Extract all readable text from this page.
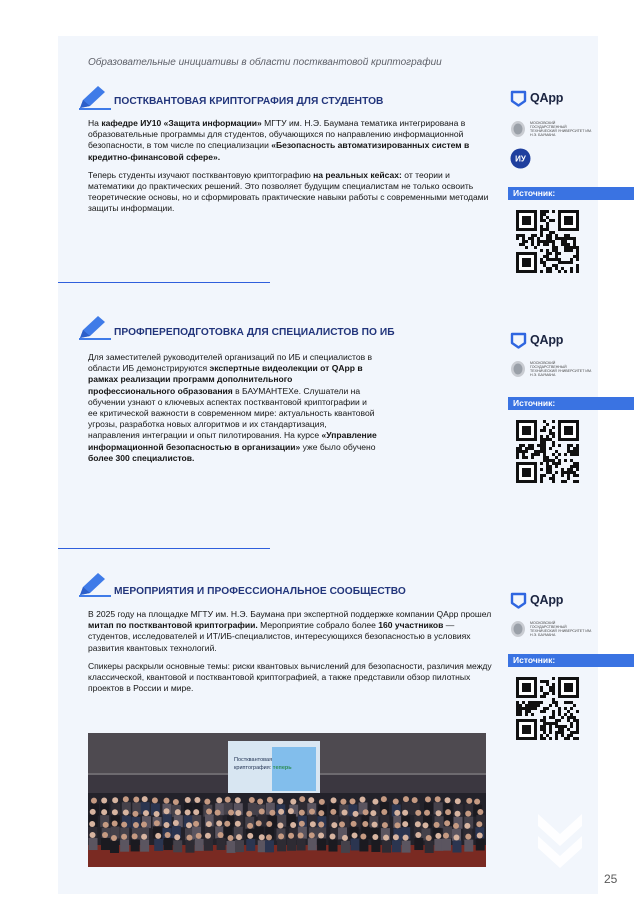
Образовательные инициативы в области постквантовой криптографии
ПОСТКВАНТОВАЯ КРИПТОГРАФИЯ ДЛЯ СТУДЕНТОВ

На кафедре ИУ10 «Защита информации» МГТУ им. Н.Э. Баумана тематика интегрирована в образовательные программы для студентов, обучающихся по направлению информационной безопасности, в том числе по специализации «Безопасность автоматизированных систем в кредитно-финансовой сфере».

Теперь студенты изучают постквантовую криптографию на реальных кейсах: от теории и математики до практических решений. Это позволяет будущим специалистам не только освоить теоретические основы, но и сформировать практические навыки работы с современными методами защиты информации.

QApp
МОСКОВСКИЙ ГОСУДАРСТВЕННЫЙ ТЕХНИЧЕСКИЙ УНИВЕРСИТЕТ ИМ. Н.Э. БАУМАНА
ИУ
Источник:
ПРОФПЕРЕПОДГОТОВКА ДЛЯ СПЕЦИАЛИСТОВ ПО ИБ

Для заместителей руководителей организаций по ИБ и специалистов в области ИБ демонстрируются экспертные видеолекции от QApp в рамках реализации программ дополнительного профессионального образования в БАУМАНТЕХе. Слушатели на обучении узнают о ключевых аспектах постквантовой криптографии и ее критической важности в современном мире: актуальность квантовой угрозы, разработка новых алгоритмов и их стандартизация, направления интеграции и опыт пилотирования. На курсе «Управление информационной безопасностью в организации» уже было обучено более 300 специалистов.

QApp
МОСКОВСКИЙ ГОСУДАРСТВЕННЫЙ ТЕХНИЧЕСКИЙ УНИВЕРСИТЕТ ИМ. Н.Э. БАУМАНА
Источник:
МЕРОПРИЯТИЯ И ПРОФЕССИОНАЛЬНОЕ СООБЩЕСТВО

В 2025 году на площадке МГТУ им. Н.Э. Баумана при экспертной поддержке компании QApp прошел митап по постквантовой криптографии. Мероприятие собрало более 160 участников — студентов, исследователей и ИТ/ИБ-специалистов, интересующихся безопасностью в условиях развития квантовых технологий.

Спикеры раскрыли основные темы: риски квантовых вычислений для безопасности, различия между классической, квантовой и постквантовой криптографией, а также представили обзор пилотных проектов в России и мире.

QApp
МОСКОВСКИЙ ГОСУДАРСТВЕННЫЙ ТЕХНИЧЕСКИЙ УНИВЕРСИТЕТ ИМ. Н.Э. БАУМАНА
Источник:
Постквантовая
криптография: теперь
25
